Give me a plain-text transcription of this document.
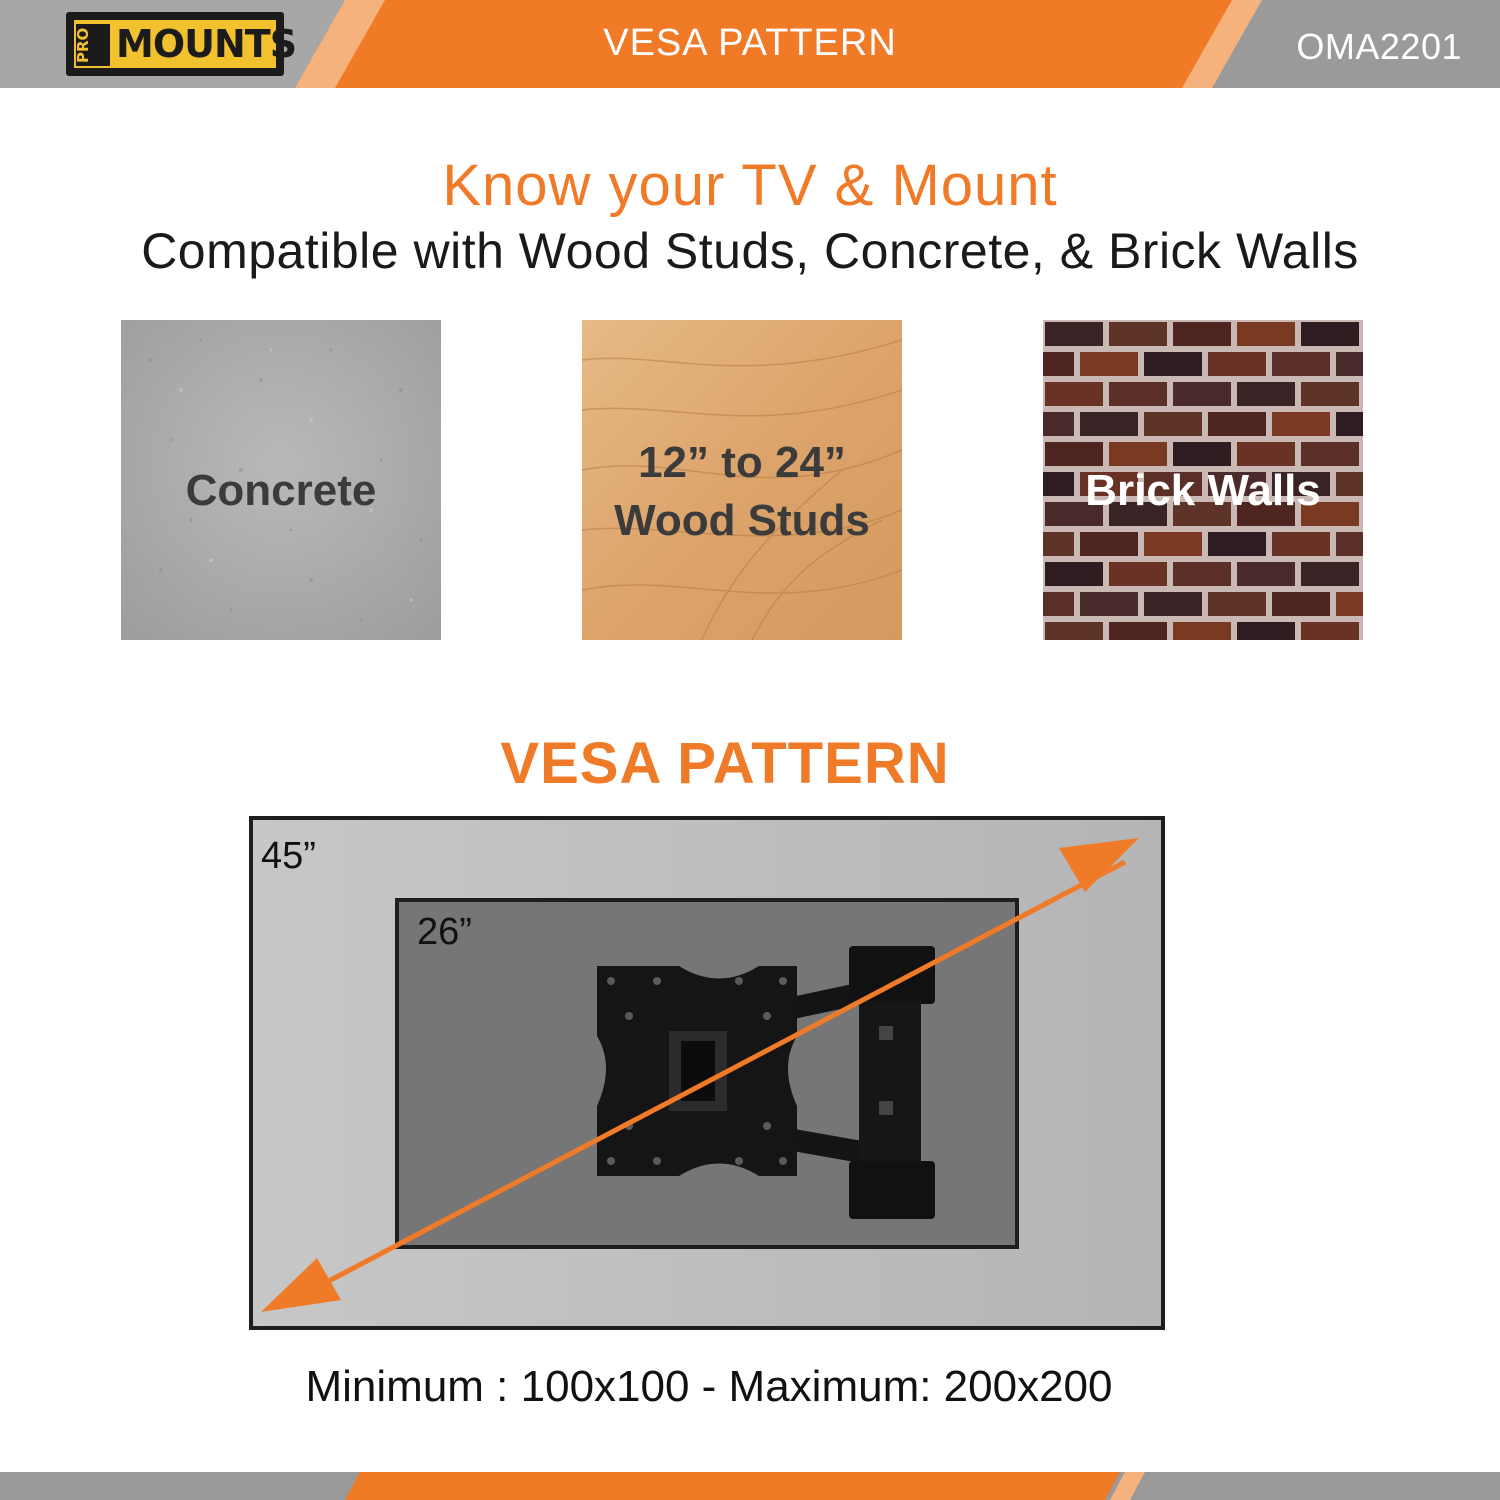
PRO MOUNTS	VESA PATTERN	OMA2201
Know your TV & Mount
Compatible with Wood Studs, Concrete, & Brick Walls
Concrete
12” to 24”
Wood Studs
Brick Walls
VESA PATTERN
45”
26”
Minimum : 100x100 - Maximum: 200x200
